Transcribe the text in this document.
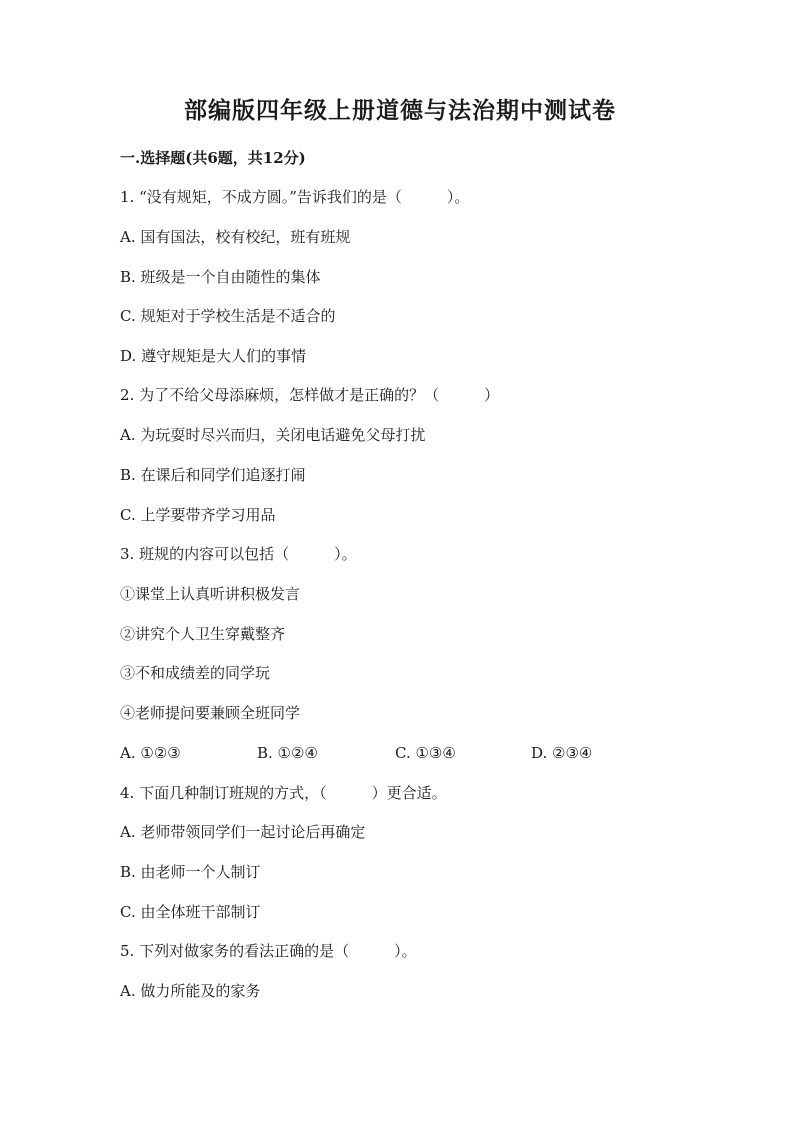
部编版四年级上册道德与法治期中测试卷
一.选择题(共6题，共12分)
1. “没有规矩，不成方圆。”告诉我们的是（　　　）。
A. 国有国法，校有校纪，班有班规
B. 班级是一个自由随性的集体
C. 规矩对于学校生活是不适合的
D. 遵守规矩是大人们的事情
2. 为了不给父母添麻烦，怎样做才是正确的？（　　　）
A. 为玩耍时尽兴而归，关闭电话避免父母打扰
B. 在课后和同学们追逐打闹
C. 上学要带齐学习用品
3. 班规的内容可以包括（　　　）。
①课堂上认真听讲积极发言
②讲究个人卫生穿戴整齐
③不和成绩差的同学玩
④老师提问要兼顾全班同学
A. ①②③	B. ①②④	C. ①③④	D. ②③④
4. 下面几种制订班规的方式，（　　　）更合适。
A. 老师带领同学们一起讨论后再确定
B. 由老师一个人制订
C. 由全体班干部制订
5. 下列对做家务的看法正确的是（　　　）。
A. 做力所能及的家务
